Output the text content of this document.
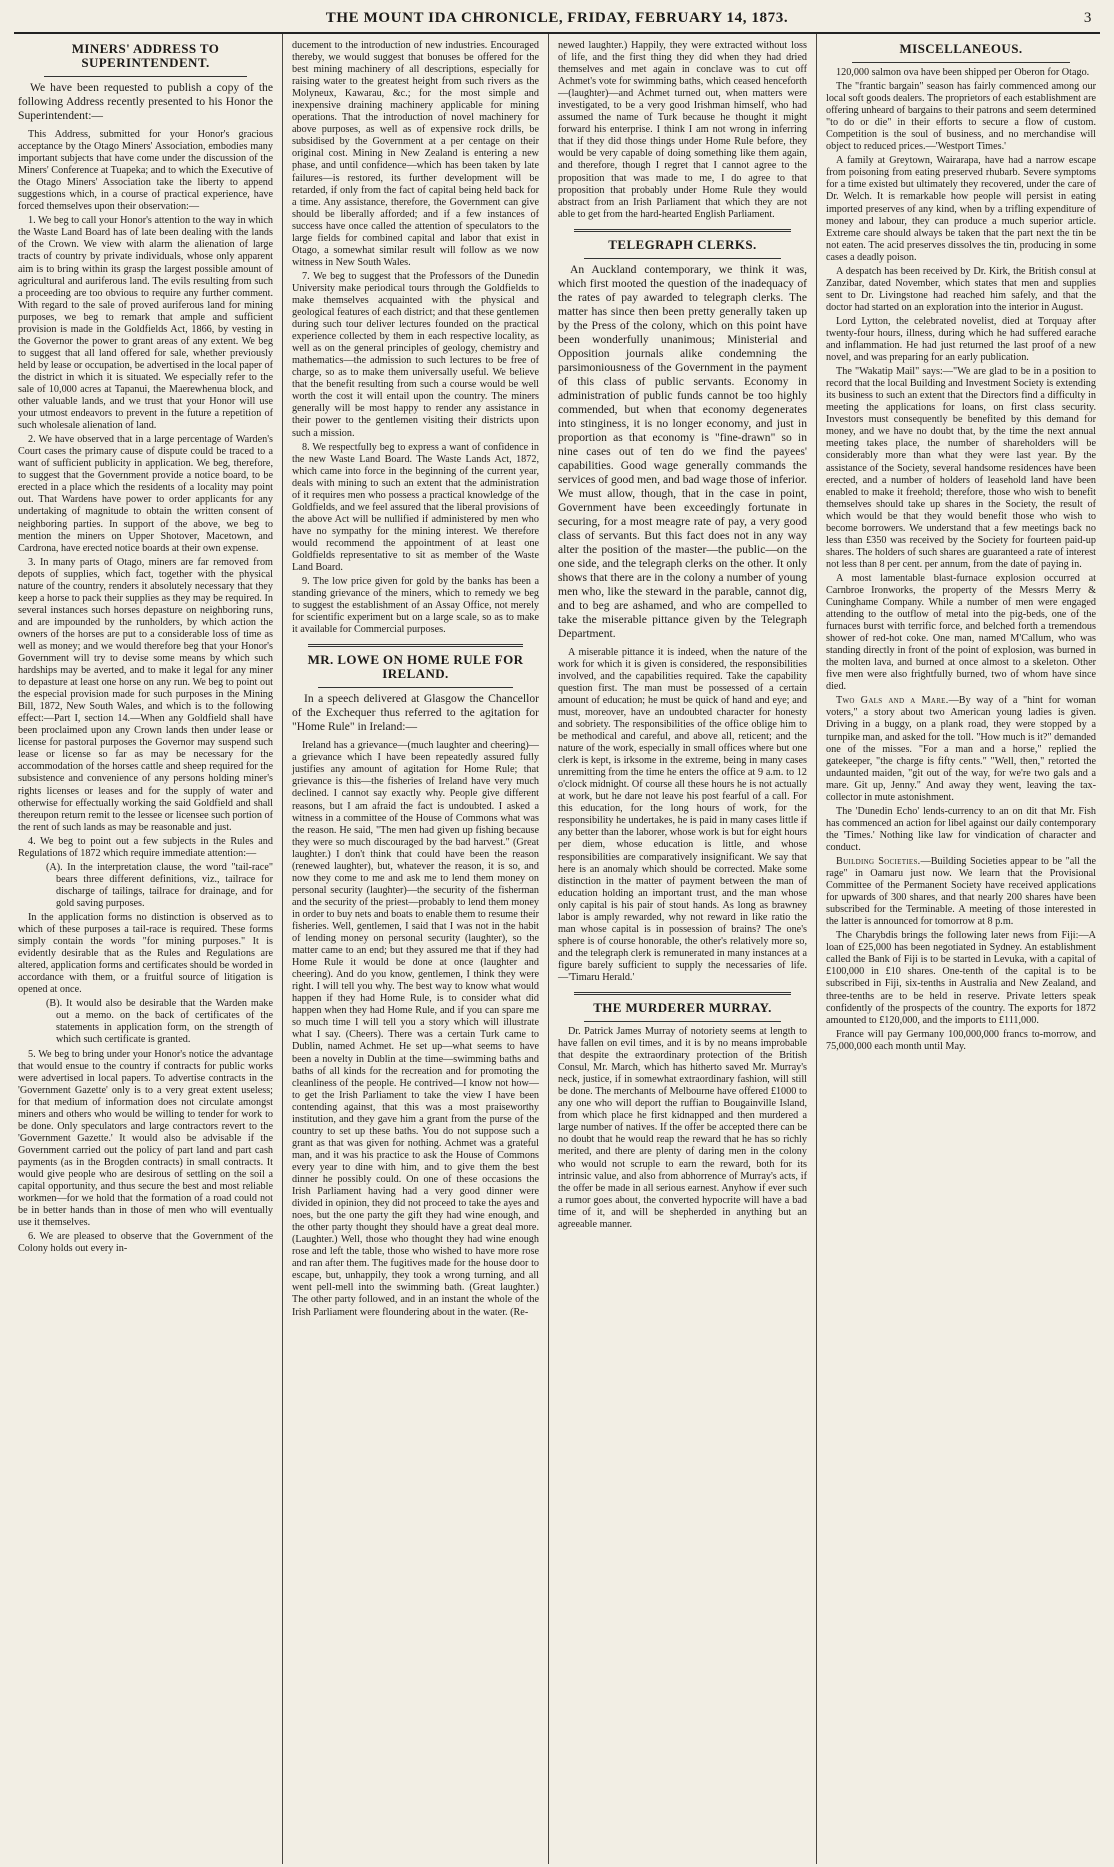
THE MOUNT IDA CHRONICLE, FRIDAY, FEBRUARY 14, 1873.	3
MINERS' ADDRESS TO SUPERINTENDENT.
We have been requested to publish a copy of the following Address recently presented to his Honor the Superintendent:—

This Address, submitted for your Honor's gracious acceptance by the Otago Miners' Association, embodies many important subjects that have come under the discussion of the Miners' Conference at Tuapeka; and to which the Executive of the Otago Miners' Association take the liberty to append suggestions which, in a course of practical experience, have forced themselves upon their observation:—

1. We beg to call your Honor's attention to the way in which the Waste Land Board has of late been dealing with the lands of the Crown. We view with alarm the alienation of large tracts of country by private individuals, whose only apparent aim is to bring within its grasp the largest possible amount of agricultural and auriferous land. The evils resulting from such a proceeding are too obvious to require any further comment. With regard to the sale of proved auriferous land for mining purposes, we beg to remark that ample and sufficient provision is made in the Goldfields Act, 1866, by vesting in the Governor the power to grant areas of any extent. We beg to suggest that all land offered for sale, whether previously held by lease or occupation, be advertised in the local paper of the district in which it is situated. We especially refer to the sale of 10,000 acres at Tapanui, the Maerewhenua block, and other valuable lands, and we trust that your Honor will use your utmost endeavors to prevent in the future a repetition of such wholesale alienation of land.

2. We have observed that in a large percentage of Warden's Court cases the primary cause of dispute could be traced to a want of sufficient publicity in application. We beg, therefore, to suggest that the Government provide a notice board, to be erected in a place which the residents of a locality may point out. That Wardens have power to order applicants for any undertaking of magnitude to obtain the written consent of neighboring parties. In support of the above, we beg to mention the miners on Upper Shotover, Macetown, and Cardrona, have erected notice boards at their own expense.

3. In many parts of Otago, miners are far removed from depots of supplies, which fact, together with the physical nature of the country, renders it absolutely necessary that they keep a horse to pack their supplies as they may be required. In several instances such horses depasture on neighboring runs, and are impounded by the runholders, by which action the owners of the horses are put to a considerable loss of time as well as money; and we would therefore beg that your Honor's Government will try to devise some means by which such hardships may be averted, and to make it legal for any miner to depasture at least one horse on any run. We beg to point out the especial provision made for such purposes in the Mining Bill, 1872, New South Wales, and which is to the following effect:—Part I, section 14.—When any Goldfield shall have been proclaimed upon any Crown lands then under lease or license for pastoral purposes the Governor may suspend such lease or license so far as may be necessary for the accommodation of the horses cattle and sheep required for the subsistence and convenience of any persons holding miner's rights licenses or leases and for the supply of water and otherwise for effectually working the said Goldfield and shall thereupon return remit to the lessee or licensee such portion of the rent of such lands as may be reasonable and just.

4. We beg to point out a few subjects in the Rules and Regulations of 1872 which require immediate attention:—

(A). In the interpretation clause, the word "tail-race" bears three different definitions, viz., tailrace for discharge of tailings, tailrace for drainage, and for gold saving purposes.

In the application forms no distinction is observed as to which of these purposes a tail-race is required. These forms simply contain the words "for mining purposes." It is evidently desirable that as the Rules and Regulations are altered, application forms and certificates should be worded in accordance with them, or a fruitful source of litigation is opened at once.

(B). It would also be desirable that the Warden make out a memo. on the back of certificates of the statements in application form, on the strength of which such certificate is granted.

5. We beg to bring under your Honor's notice the advantage that would ensue to the country if contracts for public works were advertised in local papers. To advertise contracts in the 'Government Gazette' only is to a very great extent useless; for that medium of information does not circulate amongst miners and others who would be willing to tender for work to be done. Only speculators and large contractors revert to the 'Government Gazette.' It would also be advisable if the Government carried out the policy of part land and part cash payments (as in the Brogden contracts) in small contracts. It would give people who are desirous of settling on the soil a capital opportunity, and thus secure the best and most reliable workmen—for we hold that the formation of a road could not be in better hands than in those of men who will eventually use it themselves.

6. We are pleased to observe that the Government of the Colony holds out every in-

ducement to the introduction of new industries. Encouraged thereby, we would suggest that bonuses be offered for the best mining machinery of all descriptions, especially for raising water to the greatest height from such rivers as the Molyneux, Kawarau, &c.; for the most simple and inexpensive draining machinery applicable for mining operations. That the introduction of novel machinery for above purposes, as well as of expensive rock drills, be subsidised by the Government at a per centage on their original cost. Mining in New Zealand is entering a new phase, and until confidence—which has been taken by late failures—is restored, its further development will be retarded, if only from the fact of capital being held back for a time. Any assistance, therefore, the Government can give should be liberally afforded; and if a few instances of success have once called the attention of speculators to the large fields for combined capital and labor that exist in Otago, a somewhat similar result will follow as we now witness in New South Wales.

7. We beg to suggest that the Professors of the Dunedin University make periodical tours through the Goldfields to make themselves acquainted with the physical and geological features of each district; and that these gentlemen during such tour deliver lectures founded on the practical experience collected by them in each respective locality, as well as on the general principles of geology, chemistry and mathematics—the admission to such lectures to be free of charge, so as to make them universally useful. We believe that the benefit resulting from such a course would be well worth the cost it will entail upon the country. The miners generally will be most happy to render any assistance in their power to the gentlemen visiting their districts upon such a mission.

8. We respectfully beg to express a want of confidence in the new Waste Land Board. The Waste Lands Act, 1872, which came into force in the beginning of the current year, deals with mining to such an extent that the administration of it requires men who possess a practical knowledge of the Goldfields, and we feel assured that the liberal provisions of the above Act will be nullified if administered by men who have no sympathy for the mining interest. We therefore would recommend the appointment of at least one Goldfields representative to sit as member of the Waste Land Board.

9. The low price given for gold by the banks has been a standing grievance of the miners, which to remedy we beg to suggest the establishment of an Assay Office, not merely for scientific experiment but on a large scale, so as to make it available for Commercial purposes.

MR. LOWE ON HOME RULE FOR IRELAND.
In a speech delivered at Glasgow the Chancellor of the Exchequer thus referred to the agitation for "Home Rule" in Ireland:—

Ireland has a grievance—(much laughter and cheering)—a grievance which I have been repeatedly assured fully justifies any amount of agitation for Home Rule; that grievance is this—the fisheries of Ireland have very much declined. I cannot say exactly why. People give different reasons, but I am afraid the fact is undoubted. I asked a witness in a committee of the House of Commons what was the reason. He said, "The men had given up fishing because they were so much discouraged by the bad harvest." (Great laughter.) I don't think that could have been the reason (renewed laughter), but, whatever the reason, it is so, and now they come to me and ask me to lend them money on personal security (laughter)—the security of the fisherman and the security of the priest—probably to lend them money in order to buy nets and boats to enable them to resume their fisheries. Well, gentlemen, I said that I was not in the habit of lending money on personal security (laughter), so the matter came to an end; but they assured me that if they had Home Rule it would be done at once (laughter and cheering). And do you know, gentlemen, I think they were right. I will tell you why. The best way to know what would happen if they had Home Rule, is to consider what did happen when they had Home Rule, and if you can spare me so much time I will tell you a story which will illustrate what I say. (Cheers). There was a certain Turk came to Dublin, named Achmet. He set up—what seems to have been a novelty in Dublin at the time—swimming baths and baths of all kinds for the recreation and for promoting the cleanliness of the people. He contrived—I know not how—to get the Irish Parliament to take the view I have been contending against, that this was a most praiseworthy institution, and they gave him a grant from the purse of the country to set up these baths. You do not suppose such a grant as that was given for nothing. Achmet was a grateful man, and it was his practice to ask the House of Commons every year to dine with him, and to give them the best dinner he possibly could. On one of these occasions the Irish Parliament having had a very good dinner were divided in opinion, they did not proceed to take the ayes and noes, but the one party the gift they had wine enough, and the other party thought they should have a great deal more. (Laughter.) Well, those who thought they had wine enough rose and left the table, those who wished to have more rose and ran after them. The fugitives made for the house door to escape, but, unhappily, they took a wrong turning, and all went pell-mell into the swimming bath. (Great laughter.) The other party followed, and in an instant the whole of the Irish Parliament were floundering about in the water. (Re-

newed laughter.) Happily, they were extracted without loss of life, and the first thing they did when they had dried themselves and met again in conclave was to cut off Achmet's vote for swimming baths, which ceased henceforth—(laughter)—and Achmet turned out, when matters were investigated, to be a very good Irishman himself, who had assumed the name of Turk because he thought it might forward his enterprise. I think I am not wrong in inferring that if they did those things under Home Rule before, they would be very capable of doing something like them again, and therefore, though I regret that I cannot agree to the proposition that was made to me, I do agree to that proposition that probably under Home Rule they would abstract from an Irish Parliament that which they are not able to get from the hard-hearted English Parliament.

TELEGRAPH CLERKS.
An Auckland contemporary, we think it was, which first mooted the question of the inadequacy of the rates of pay awarded to telegraph clerks. The matter has since then been pretty generally taken up by the Press of the colony, which on this point have been wonderfully unanimous; Ministerial and Opposition journals alike condemning the parsimoniousness of the Government in the payment of this class of public servants. Economy in administration of public funds cannot be too highly commended, but when that economy degenerates into stinginess, it is no longer economy, and just in proportion as that economy is "fine-drawn" so in nine cases out of ten do we find the payees' capabilities. Good wage generally commands the services of good men, and bad wage those of inferior. We must allow, though, that in the case in point, Government have been exceedingly fortunate in securing, for a most meagre rate of pay, a very good class of servants. But this fact does not in any way alter the position of the master—the public—on the one side, and the telegraph clerks on the other. It only shows that there are in the colony a number of young men who, like the steward in the parable, cannot dig, and to beg are ashamed, and who are compelled to take the miserable pittance given by the Telegraph Department.

A miserable pittance it is indeed, when the nature of the work for which it is given is considered, the responsibilities involved, and the capabilities required. Take the capability question first. The man must be possessed of a certain amount of education; he must be quick of hand and eye; and must, moreover, have an undoubted character for honesty and sobriety. The responsibilities of the office oblige him to be methodical and careful, and above all, reticent; and the nature of the work, especially in small offices where but one clerk is kept, is irksome in the extreme, being in many cases unremitting from the time he enters the office at 9 a.m. to 12 o'clock midnight. Of course all these hours he is not actually at work, but he dare not leave his post fearful of a call. For this education, for the long hours of work, for the responsibility he undertakes, he is paid in many cases little if any better than the laborer, whose work is but for eight hours per diem, whose education is little, and whose responsibilities are comparatively insignificant. We say that here is an anomaly which should be corrected. Make some distinction in the matter of payment between the man of education holding an important trust, and the man whose only capital is his pair of stout hands. As long as brawney labor is amply rewarded, why not reward in like ratio the man whose capital is in possession of brains? The one's sphere is of course honorable, the other's relatively more so, and the telegraph clerk is remunerated in many instances at a figure barely sufficient to supply the necessaries of life.—'Timaru Herald.'

THE MURDERER MURRAY.

Dr. Patrick James Murray of notoriety seems at length to have fallen on evil times, and it is by no means improbable that despite the extraordinary protection of the British Consul, Mr. March, which has hitherto saved Mr. Murray's neck, justice, if in somewhat extraordinary fashion, will still be done. The merchants of Melbourne have offered £1000 to any one who will deport the ruffian to Bougainville Island, from which place he first kidnapped and then murdered a large number of natives. If the offer be accepted there can be no doubt that he would reap the reward that he has so richly merited, and there are plenty of daring men in the colony who would not scruple to earn the reward, both for its intrinsic value, and also from abhorrence of Murray's acts, if the offer be made in all serious earnest. Anyhow if ever such a rumor goes about, the converted hypocrite will have a bad time of it, and will be shepherded in anything but an agreeable manner.

MISCELLANEOUS.

120,000 salmon ova have been shipped per Oberon for Otago.

The "frantic bargain" season has fairly commenced among our local soft goods dealers. The proprietors of each establishment are offering unheard of bargains to their patrons and seem determined "to do or die" in their efforts to secure a flow of custom. Competition is the soul of business, and no merchandise will object to reduced prices.—'Westport Times.'

A family at Greytown, Wairarapa, have had a narrow escape from poisoning from eating preserved rhubarb. Severe symptoms for a time existed but ultimately they recovered, under the care of Dr. Welch. It is remarkable how people will persist in eating imported preserves of any kind, when by a trifling expenditure of money and labour, they can produce a much superior article. Extreme care should always be taken that the part next the tin be not eaten. The acid preserves dissolves the tin, producing in some cases a deadly poison.

A despatch has been received by Dr. Kirk, the British consul at Zanzibar, dated November, which states that men and supplies sent to Dr. Livingstone had reached him safely, and that the doctor had started on an exploration into the interior in August.

Lord Lytton, the celebrated novelist, died at Torquay after twenty-four hours, illness, during which he had suffered earache and inflammation. He had just returned the last proof of a new novel, and was preparing for an early publication.

The "Wakatip Mail" says:—"We are glad to be in a position to record that the local Building and Investment Society is extending its business to such an extent that the Directors find a difficulty in meeting the applications for loans, on first class security. Investors must consequently be benefited by this demand for money, and we have no doubt that, by the time the next annual meeting takes place, the number of shareholders will be considerably more than what they were last year. By the assistance of the Society, several handsome residences have been erected, and a number of holders of leasehold land have been enabled to make it freehold; therefore, those who wish to benefit themselves should take up shares in the Society, the result of which would be that they would benefit those who wish to become borrowers. We understand that a few meetings back no less than £350 was received by the Society for fourteen paid-up shares. The holders of such shares are guaranteed a rate of interest not less than 8 per cent. per annum, from the date of paying in.

A most lamentable blast-furnace explosion occurred at Carnbroe Ironworks, the property of the Messrs Merry & Cuninghame Company. While a number of men were engaged attending to the outflow of metal into the pig-beds, one of the furnaces burst with terrific force, and belched forth a tremendous shower of red-hot coke. One man, named M'Callum, who was standing directly in front of the point of explosion, was burned in the molten lava, and burned at once almost to a skeleton. Other five men were also frightfully burned, two of whom have since died.

Two Gals and a Mare.—By way of a "hint for woman voters," a story about two American young ladies is given. Driving in a buggy, on a plank road, they were stopped by a turnpike man, and asked for the toll. "How much is it?" demanded one of the misses. "For a man and a horse," replied the gatekeeper, "the charge is fifty cents." "Well, then," retorted the undaunted maiden, "git out of the way, for we're two gals and a mare. Git up, Jenny." And away they went, leaving the tax-collector in mute astonishment.

The 'Dunedin Echo' lends-currency to an on dit that Mr. Fish has commenced an action for libel against our daily contemporary the 'Times.' Nothing like law for vindication of character and conduct.

Building Societies.—Building Societies appear to be "all the rage" in Oamaru just now. We learn that the Provisional Committee of the Permanent Society have received applications for upwards of 300 shares, and that nearly 200 shares have been subscribed for the Terminable. A meeting of those interested in the latter is announced for tomorrow at 8 p.m.

The Charybdis brings the following later news from Fiji:—A loan of £25,000 has been negotiated in Sydney. An establishment called the Bank of Fiji is to be started in Levuka, with a capital of £100,000 in £10 shares. One-tenth of the capital is to be subscribed in Fiji, six-tenths in Australia and New Zealand, and three-tenths are to be held in reserve. Private letters speak confidently of the prospects of the country. The exports for 1872 amounted to £120,000, and the imports to £111,000.

France will pay Germany 100,000,000 francs to-morrow, and 75,000,000 each month until May.
